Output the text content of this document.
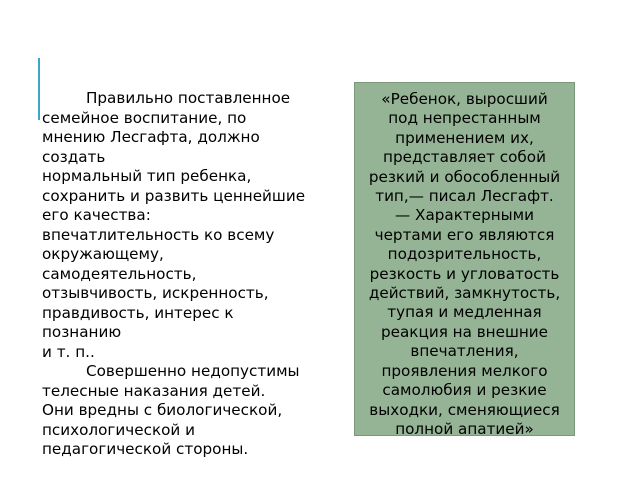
Правильно поставленное
семейное воспитание, по
мнению Лесгафта, должно
создать
нормальный тип ребенка,
сохранить и развить ценнейшие
его качества:
впечатлительность ко всему
окружающему,
самодеятельность,
отзывчивость, искренность,
правдивость, интерес к
познанию
и т. п..

Совершенно недопустимы
телесные наказания детей.
Они вредны с биологической,
психологической и
педагогической стороны.

«Ребенок, выросший
под непрестанным
применением их,
представляет собой
резкий и обособленный
тип,— писал Лесгафт.
— Характерными
чертами его являются
подозрительность,
резкость и угловатость
действий, замкнутость,
тупая и медленная
реакция на внешние
впечатления,
проявления мелкого
самолюбия и резкие
выходки, сменяющиеся
полной апатией»
